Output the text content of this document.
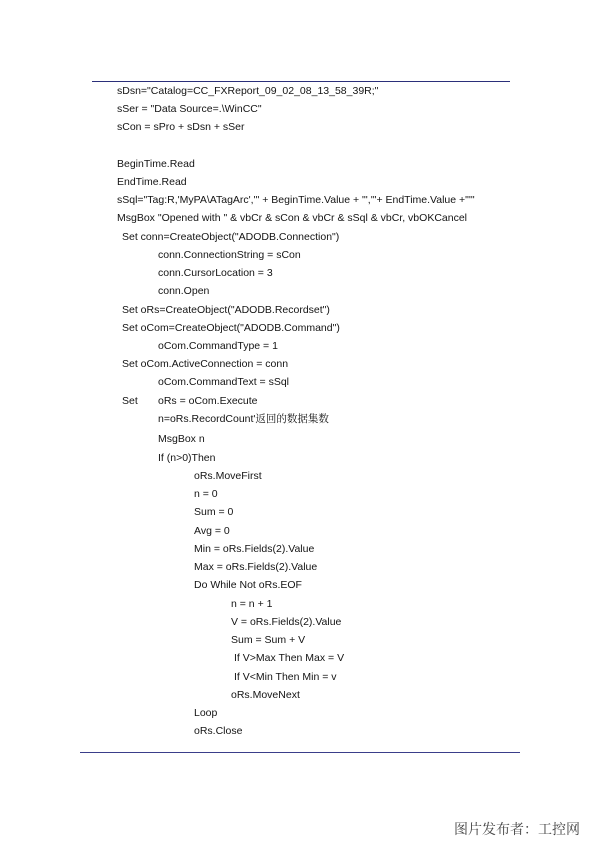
sDsn="Catalog=CC_FXReport_09_02_08_13_58_39R;"
sSer = "Data Source=.\WinCC"
sCon = sPro + sDsn + sSer
BeginTime.Read
EndTime.Read
sSql="Tag:R,'MyPA\ATagArc',"' + BeginTime.Value + "','"+ EndTime.Value +"'"
MsgBox "Opened with " & vbCr & sCon & vbCr & sSql & vbCr, vbOKCancel
Set conn=CreateObject("ADODB.Connection")
conn.ConnectionString = sCon
conn.CursorLocation = 3
conn.Open
Set oRs=CreateObject("ADODB.Recordset")
Set oCom=CreateObject("ADODB.Command")
oCom.CommandType = 1
Set oCom.ActiveConnection = conn
oCom.CommandText = sSql
Set oRs = oCom.Execute
n=oRs.RecordCount'返回的数据集数
MsgBox n
If (n>0)Then
oRs.MoveFirst
n = 0
Sum = 0
Avg = 0
Min = oRs.Fields(2).Value
Max = oRs.Fields(2).Value
Do While Not oRs.EOF
n = n + 1
V = oRs.Fields(2).Value
Sum = Sum + V
If V>Max Then Max = V
If V<Min Then Min = v
oRs.MoveNext
Loop
oRs.Close
图片发布者：工控网
